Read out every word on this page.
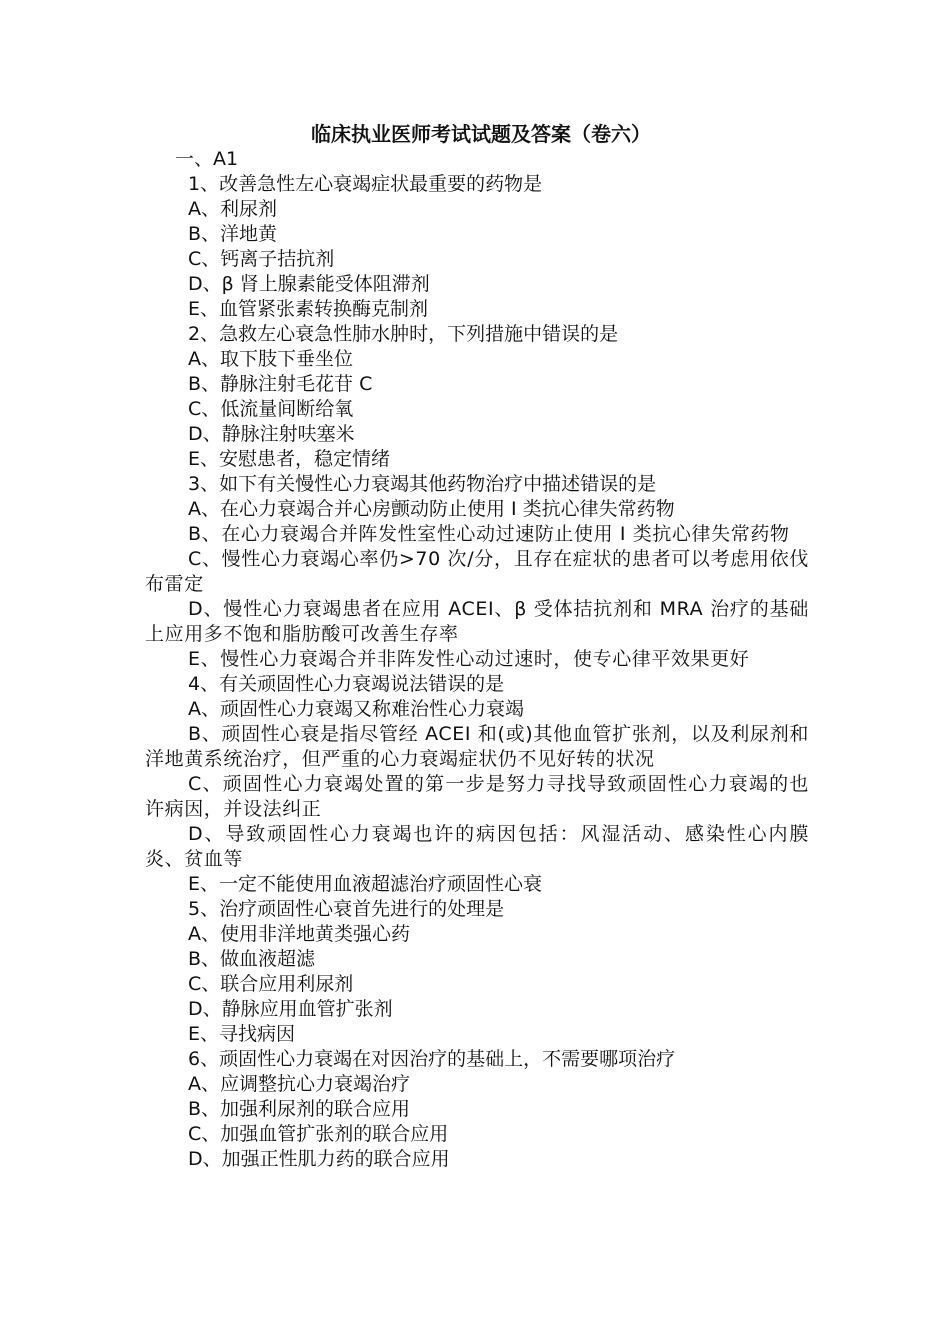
临床执业医师考试试题及答案（卷六）
一、A1
1、改善急性左心衰竭症状最重要的药物是
A、利尿剂
B、洋地黄
C、钙离子拮抗剂
D、β 肾上腺素能受体阻滞剂
E、血管紧张素转换酶克制剂
2、急救左心衰急性肺水肿时，下列措施中错误的是
A、取下肢下垂坐位
B、静脉注射毛花苷 C
C、低流量间断给氧
D、静脉注射呋塞米
E、安慰患者，稳定情绪
3、如下有关慢性心力衰竭其他药物治疗中描述错误的是
A、在心力衰竭合并心房颤动防止使用 I 类抗心律失常药物
B、在心力衰竭合并阵发性室性心动过速防止使用 I 类抗心律失常药物
C、慢性心力衰竭心率仍>70 次/分，且存在症状的患者可以考虑用依伐布雷定
D、慢性心力衰竭患者在应用 ACEI、β 受体拮抗剂和 MRA 治疗的基础上应用多不饱和脂肪酸可改善生存率
E、慢性心力衰竭合并非阵发性心动过速时，使专心律平效果更好
4、有关顽固性心力衰竭说法错误的是
A、顽固性心力衰竭又称难治性心力衰竭
B、顽固性心衰是指尽管经 ACEI 和(或)其他血管扩张剂，以及利尿剂和洋地黄系统治疗，但严重的心力衰竭症状仍不见好转的状况
C、顽固性心力衰竭处置的第一步是努力寻找导致顽固性心力衰竭的也许病因，并设法纠正
D、导致顽固性心力衰竭也许的病因包括：风湿活动、感染性心内膜炎、贫血等
E、一定不能使用血液超滤治疗顽固性心衰
5、治疗顽固性心衰首先进行的处理是
A、使用非洋地黄类强心药
B、做血液超滤
C、联合应用利尿剂
D、静脉应用血管扩张剂
E、寻找病因
6、顽固性心力衰竭在对因治疗的基础上，不需要哪项治疗
A、应调整抗心力衰竭治疗
B、加强利尿剂的联合应用
C、加强血管扩张剂的联合应用
D、加强正性肌力药的联合应用
